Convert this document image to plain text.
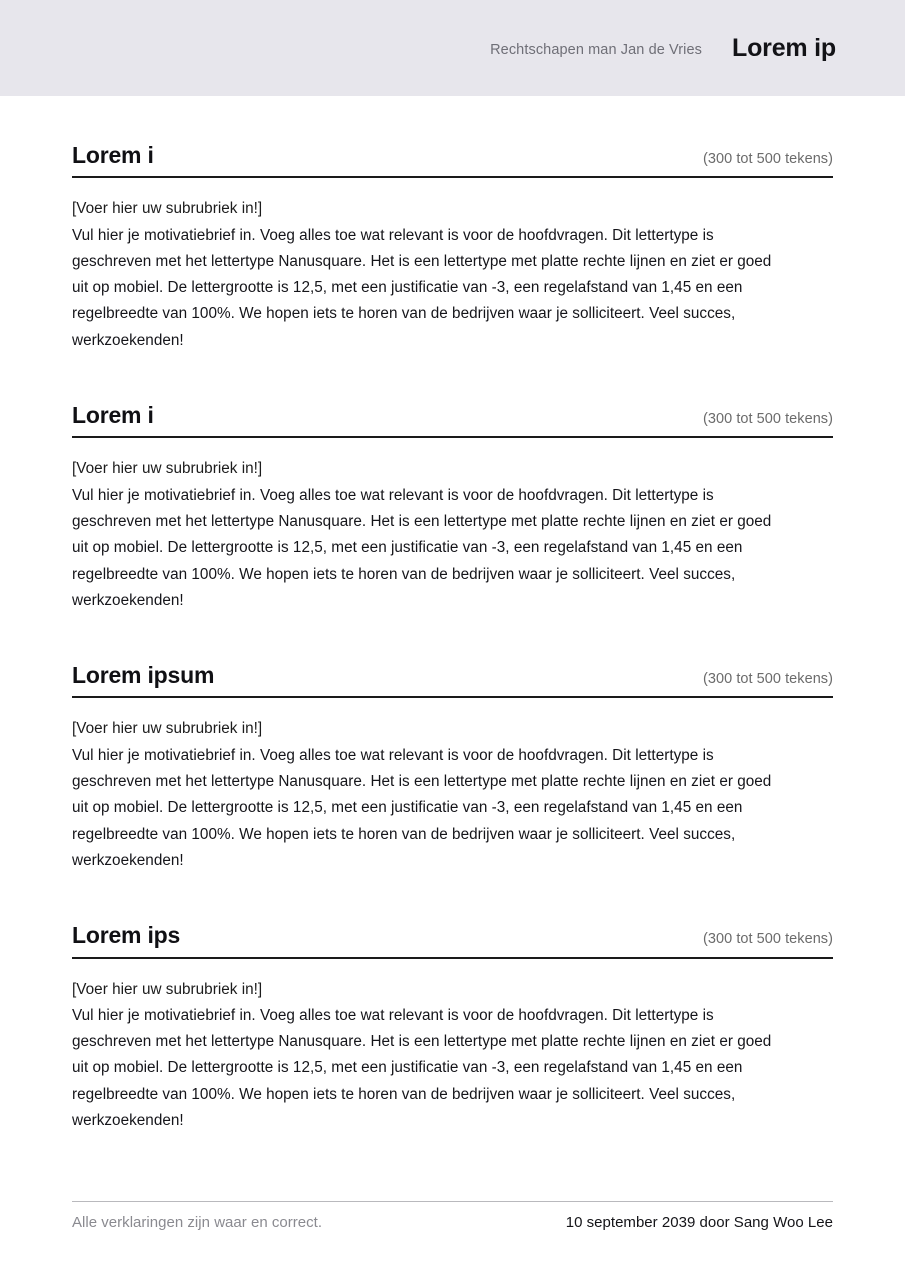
Rechtschapen man Jan de Vries Lorem ip
Lorem i	(300 tot 500 tekens)
[Voer hier uw subrubriek in!]

Vul hier je motivatiebrief in. Voeg alles toe wat relevant is voor de hoofdvragen. Dit lettertype is geschreven met het lettertype Nanusquare. Het is een lettertype met platte rechte lijnen en ziet er goed uit op mobiel. De lettergrootte is 12,5, met een justificatie van -3, een regelafstand van 1,45 en een regelbreedte van 100%. We hopen iets te horen van de bedrijven waar je solliciteert. Veel succes, werkzoekenden!

Lorem i	(300 tot 500 tekens)
[Voer hier uw subrubriek in!]

Vul hier je motivatiebrief in. Voeg alles toe wat relevant is voor de hoofdvragen. Dit lettertype is geschreven met het lettertype Nanusquare. Het is een lettertype met platte rechte lijnen en ziet er goed uit op mobiel. De lettergrootte is 12,5, met een justificatie van -3, een regelafstand van 1,45 en een regelbreedte van 100%. We hopen iets te horen van de bedrijven waar je solliciteert. Veel succes, werkzoekenden!

Lorem ipsum	(300 tot 500 tekens)
[Voer hier uw subrubriek in!]

Vul hier je motivatiebrief in. Voeg alles toe wat relevant is voor de hoofdvragen. Dit lettertype is geschreven met het lettertype Nanusquare. Het is een lettertype met platte rechte lijnen en ziet er goed uit op mobiel. De lettergrootte is 12,5, met een justificatie van -3, een regelafstand van 1,45 en een regelbreedte van 100%. We hopen iets te horen van de bedrijven waar je solliciteert. Veel succes, werkzoekenden!

Lorem ips	(300 tot 500 tekens)
[Voer hier uw subrubriek in!]

Vul hier je motivatiebrief in. Voeg alles toe wat relevant is voor de hoofdvragen. Dit lettertype is geschreven met het lettertype Nanusquare. Het is een lettertype met platte rechte lijnen en ziet er goed uit op mobiel. De lettergrootte is 12,5, met een justificatie van -3, een regelafstand van 1,45 en een regelbreedte van 100%. We hopen iets te horen van de bedrijven waar je solliciteert. Veel succes, werkzoekenden!

Alle verklaringen zijn waar en correct.	10 september 2039 door Sang Woo Lee
